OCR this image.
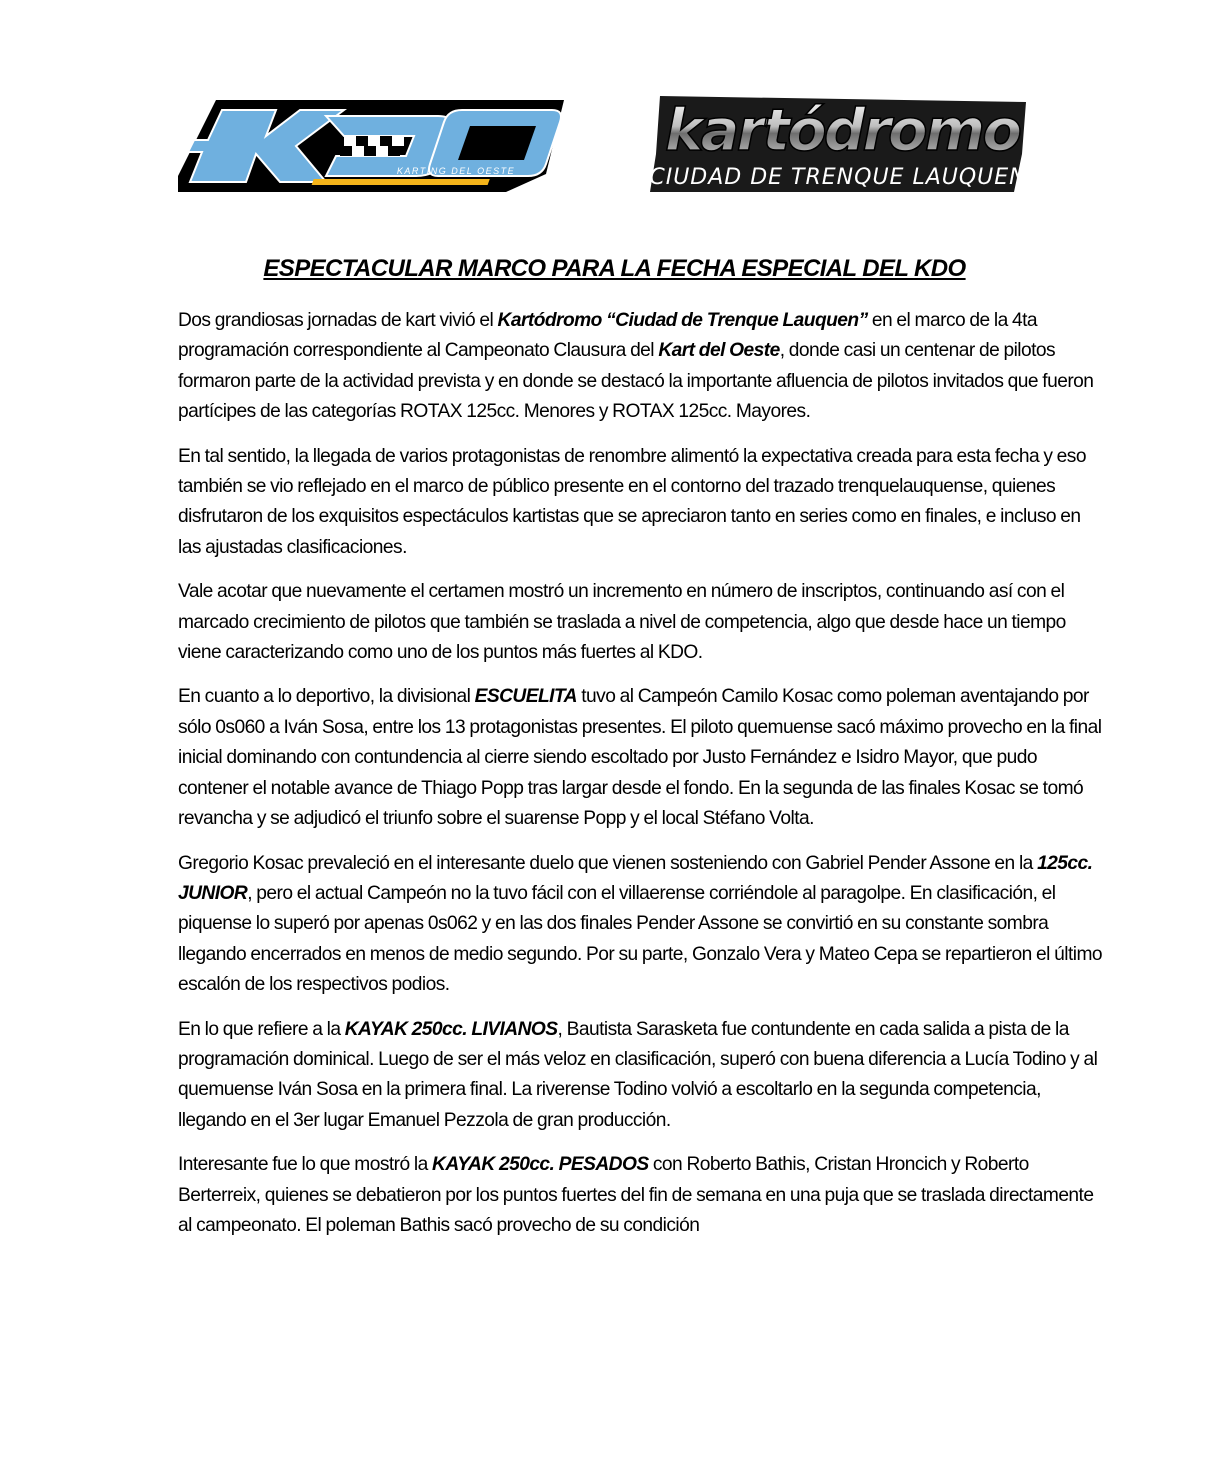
KARTING DEL OESTE
kartódromo
CIUDAD DE TRENQUE LAUQUEN
ESPECTACULAR MARCO PARA LA FECHA ESPECIAL DEL KDO

Dos grandiosas jornadas de kart vivió el Kartódromo “Ciudad de Trenque Lauquen” en el marco de la 4ta programación correspondiente al Campeonato Clausura del Kart del Oeste, donde casi un centenar de pilotos formaron parte de la actividad prevista y en donde se destacó la importante afluencia de pilotos invitados que fueron partícipes de las categorías ROTAX 125cc. Menores y ROTAX 125cc. Mayores.

En tal sentido, la llegada de varios protagonistas de renombre alimentó la expectativa creada para esta fecha y eso también se vio reflejado en el marco de público presente en el contorno del trazado trenquelauquense, quienes disfrutaron de los exquisitos espectáculos kartistas que se apreciaron tanto en series como en finales, e incluso en las ajustadas clasificaciones.

Vale acotar que nuevamente el certamen mostró un incremento en número de inscriptos, continuando así con el marcado crecimiento de pilotos que también se traslada a nivel de competencia, algo que desde hace un tiempo viene caracterizando como uno de los puntos más fuertes al KDO.

En cuanto a lo deportivo, la divisional ESCUELITA tuvo al Campeón Camilo Kosac como poleman aventajando por sólo 0s060 a Iván Sosa, entre los 13 protagonistas presentes. El piloto quemuense sacó máximo provecho en la final inicial dominando con contundencia al cierre siendo escoltado por Justo Fernández e Isidro Mayor, que pudo contener el notable avance de Thiago Popp tras largar desde el fondo. En la segunda de las finales Kosac se tomó revancha y se adjudicó el triunfo sobre el suarense Popp y el local Stéfano Volta.

Gregorio Kosac prevaleció en el interesante duelo que vienen sosteniendo con Gabriel Pender Assone en la 125cc. JUNIOR, pero el actual Campeón no la tuvo fácil con el villaerense corriéndole al paragolpe. En clasificación, el piquense lo superó por apenas 0s062 y en las dos finales Pender Assone se convirtió en su constante sombra llegando encerrados en menos de medio segundo. Por su parte, Gonzalo Vera y Mateo Cepa se repartieron el último escalón de los respectivos podios.

En lo que refiere a la KAYAK 250cc. LIVIANOS, Bautista Sarasketa fue contundente en cada salida a pista de la programación dominical. Luego de ser el más veloz en clasificación, superó con buena diferencia a Lucía Todino y al quemuense Iván Sosa en la primera final. La riverense Todino volvió a escoltarlo en la segunda competencia, llegando en el 3er lugar Emanuel Pezzola de gran producción.

Interesante fue lo que mostró la KAYAK 250cc. PESADOS con Roberto Bathis, Cristan Hroncich y Roberto Berterreix, quienes se debatieron por los puntos fuertes del fin de semana en una puja que se traslada directamente al campeonato. El poleman Bathis sacó provecho de su condición
